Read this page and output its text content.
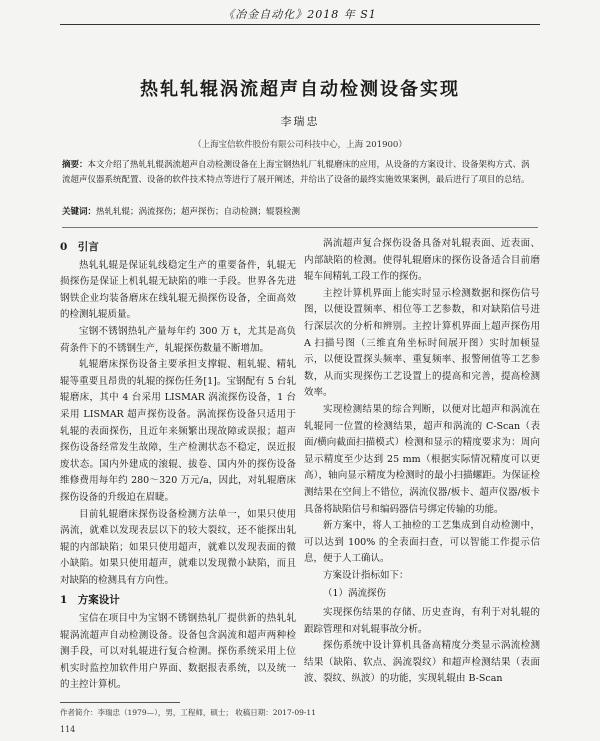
《冶金自动化》2018 年 S1
热轧轧辊涡流超声自动检测设备实现
李瑞忠
（上海宝信软件股份有限公司科技中心，上海 201900）
摘要：本文介绍了热轧轧辊涡流超声自动检测设备在上海宝钢热轧厂轧辊磨床的应用，从设备的方案设计、设备架构方式、涡流超声仪器系统配置、设备的软件技术特点等进行了展开阐述，并给出了设备的最终实施效果案例，最后进行了项目的总结。
关键词：热轧轧辊；涡流探伤；超声探伤；自动检测；辊裂检测
0　引言

热轧轧辊是保证轧线稳定生产的重要备件，轧辊无损探伤是保证上机轧辊无缺陷的唯一手段。世界各先进钢铁企业均装备磨床在线轧辊无损探伤设备，全面高效的检测轧辊质量。

宝钢不锈钢热轧产量每年约 300 万 t，尤其是高负荷条件下的不锈钢生产，轧辊探伤数量不断增加。

轧辊磨床探伤设备主要承担支撑辊、粗轧辊、精轧辊等重要且昂贵的轧辊的探伤任务[1]。宝钢配有 5 台轧辊磨床，其中 4 台采用 LISMAR 涡流探伤设备，1 台采用 LISMAR 超声探伤设备。涡流探伤设备只适用于轧辊的表面探伤，且近年来频繁出现故障或误报；超声探伤设备经常发生故障，生产检测状态不稳定，误近报废状态。国内外建成的滚辊、拔卷、国内外的探伤设备维修费用每年约 280～320 万元/a，因此，对轧辊磨床探伤设备的升级迫在眉睫。

目前轧辊磨床探伤设备检测方法单一，如果只使用涡流，就难以发现表层以下的较大裂纹，还不能探出轧辊的内部缺陷；如果只使用超声，就难以发现表面的微小缺陷。如果只使用超声，就难以发现微小缺陷，而且对缺陷的检测具有方向性。

1　方案设计

宝信在项目中为宝钢不锈钢热轧厂提供新的热轧轧辊涡流超声自动检测设备。设备包含涡流和超声两种检测手段，可以对轧辊进行复合检测。探伤系统采用上位机实时监控加软件用户界面、数据报表系统，以及统一的主控计算机。

涡流超声复合探伤设备具备对轧辊表面、近表面、内部缺陷的检测。使得轧辊磨床的探伤设备适合目前磨辊车间精轧工段工作的探伤。

主控计算机界面上能实时显示检测数据和探伤信号图，以便设置频率、相位等工艺参数，和对缺陷信号进行深层次的分析和辨别。主控计算机界面上超声探伤用 A 扫描号图（三维直角坐标时间展开图）实时加顿显示，以便设置探头频率、重复频率、报警闸值等工艺参数，从而实现探伤工艺设置上的提高和完善，提高检测效率。

实现检测结果的综合判断，以便对比超声和涡流在轧辊同一位置的检测结果，超声和涡流的 C-Scan（表面/横向截面扫描模式）检测和显示的精度要求为：周向显示精度至少达到 25 mm（根据实际情况精度可以更高），轴向显示精度为检测时的最小扫描螺距。为保证检测结果在空间上不错位，涡流仪器/板卡、超声仪器/板卡具备将缺陷信号和编码器信号绑定传输的功能。

新方案中，将人工抽检的工艺集成到自动检测中，可以达到 100% 的全表面扫查，可以智能工作提示信息，便于人工确认。

方案设计指标如下：

（1）涡流探伤

实现探伤结果的存储、历史查询，有利于对轧辊的跟踪管理和对轧辊事故分析。

探伤系统中设计算机具备高精度分类显示涡流检测结果（缺陷、软点、涡流裂纹）和超声检测结果（表面波、裂纹、纵波）的功能，实现轧辊由 B-Scan

作者简介：李瑞忠（1979—），男，工程师，硕士； 收稿日期：2017-09-11
114
